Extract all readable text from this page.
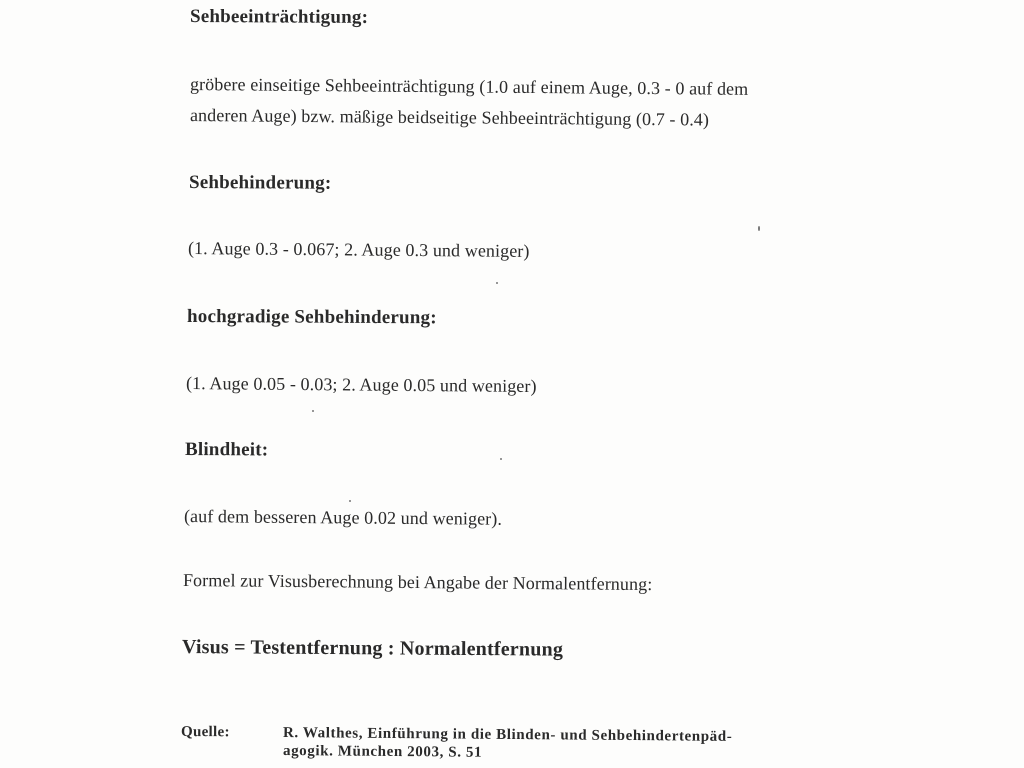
Sehbeeinträchtigung:
gröbere einseitige Sehbeeinträchtigung (1.0 auf einem Auge, 0.3 - 0 auf dem
anderen Auge) bzw. mäßige beidseitige Sehbeeinträchtigung (0.7 - 0.4)
Sehbehinderung:
(1. Auge 0.3 - 0.067; 2. Auge 0.3 und weniger)
hochgradige Sehbehinderung:
(1. Auge 0.05 - 0.03; 2. Auge 0.05 und weniger)
Blindheit:
(auf dem besseren Auge 0.02 und weniger).
Formel zur Visusberechnung bei Angabe der Normalentfernung:
Visus = Testentfernung : Normalentfernung
Quelle:	R. Walthes, Einführung in die Blinden- und Sehbehindertenpäd-
agogik. München 2003, S. 51
